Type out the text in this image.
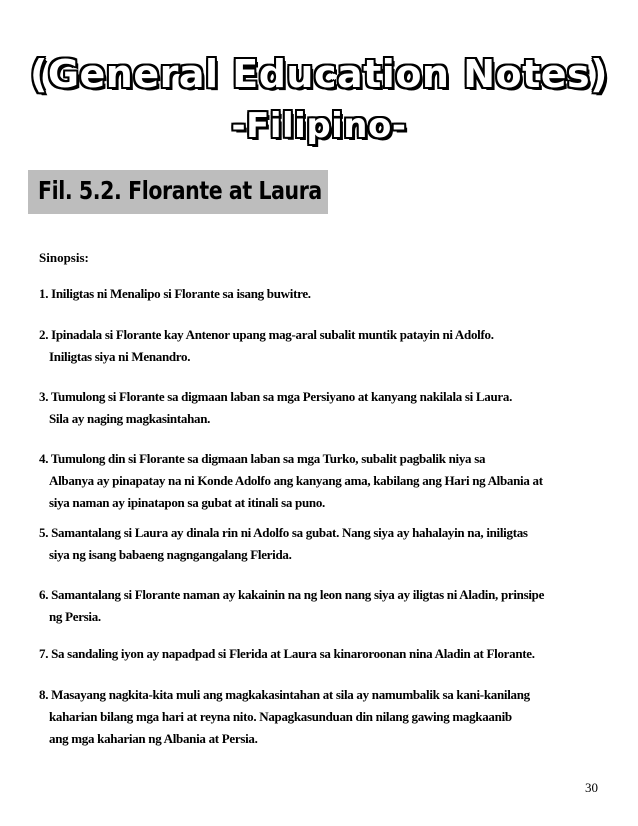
(General Education Notes)
-Filipino-
Fil. 5.2. Florante at Laura
Sinopsis:
1. Iniligtas ni Menalipo si Florante sa isang buwitre.
2. Ipinadala si Florante kay Antenor upang mag-aral subalit muntik patayin ni Adolfo.
Iniligtas siya ni Menandro.
3. Tumulong si Florante sa digmaan laban sa mga Persiyano at kanyang nakilala si Laura.
Sila ay naging magkasintahan.
4. Tumulong din si Florante sa digmaan laban sa mga Turko, subalit pagbalik niya sa
Albanya ay pinapatay na ni Konde Adolfo ang kanyang ama, kabilang ang Hari ng Albania at
siya naman ay ipinatapon sa gubat at itinali sa puno.
5. Samantalang si Laura ay dinala rin ni Adolfo sa gubat. Nang siya ay hahalayin na, iniligtas
siya ng isang babaeng nagngangalang Flerida.
6. Samantalang si Florante naman ay kakainin na ng leon nang siya ay iligtas ni Aladin, prinsipe
ng Persia.
7. Sa sandaling iyon ay napadpad si Flerida at Laura sa kinaroroonan nina Aladin at Florante.
8. Masayang nagkita-kita muli ang magkakasintahan at sila ay namumbalik sa kani-kanilang
kaharian bilang mga hari at reyna nito. Napagkasunduan din nilang gawing magkaanib
ang mga kaharian ng Albania at Persia.
30
